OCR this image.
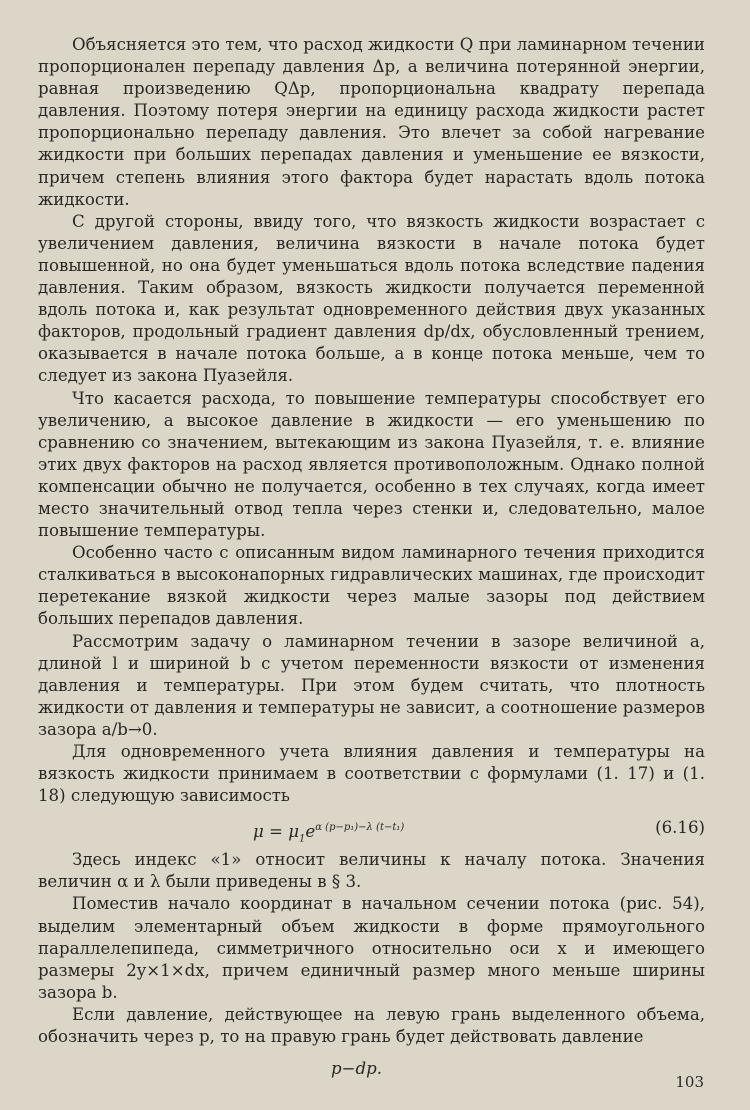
Объясняется это тем, что расход жидкости Q при ламинарном течении пропорционален перепаду давления Δp, а величина потерянной энергии, равная произведению QΔp, пропорциональна квадрату перепада давления. Поэтому потеря энергии на единицу расхода жидкости растет пропорционально перепаду давления. Это влечет за собой нагревание жидкости при больших перепадах давления и уменьшение ее вязкости, причем степень влияния этого фактора будет нарастать вдоль потока жидкости.

С другой стороны, ввиду того, что вязкость жидкости возрастает с увеличением давления, величина вязкости в начале потока будет повышенной, но она будет уменьшаться вдоль потока вследствие падения давления. Таким образом, вязкость жидкости получается переменной вдоль потока и, как результат одновременного действия двух указанных факторов, продольный градиент давления dp/dx, обусловленный трением, оказывается в начале потока больше, а в конце потока меньше, чем то следует из закона Пуазейля.

Что касается расхода, то повышение температуры способствует его увеличению, а высокое давление в жидкости — его уменьшению по сравнению со значением, вытекающим из закона Пуазейля, т. е. влияние этих двух факторов на расход является противоположным. Однако полной компенсации обычно не получается, особенно в тех случаях, когда имеет место значительный отвод тепла через стенки и, следовательно, малое повышение температуры.

Особенно часто с описанным видом ламинарного течения приходится сталкиваться в высоконапорных гидравлических машинах, где происходит перетекание вязкой жидкости через малые зазоры под действием больших перепадов давления.

Рассмотрим задачу о ламинарном течении в зазоре величиной a, длиной l и шириной b с учетом переменности вязкости от изменения давления и температуры. При этом будем считать, что плотность жидкости от давления и температуры не зависит, а соотношение размеров зазора a/b→0.

Для одновременного учета влияния давления и температуры на вязкость жидкости принимаем в соответствии с формулами (1. 17) и (1. 18) следующую зависимость

$\mu = \mu_1e^{\alpha (p-p_1)-\lambda (t-t_1)}$	(6.16)

Здесь индекс «1» относит величины к началу потока. Значения величин α и λ были приведены в § 3.

Поместив начало координат в начальном сечении потока (рис. 54), выделим элементарный объем жидкости в форме прямоугольного параллелепипеда, симметричного относительно оси x и имеющего размеры 2y×1×dx, причем единичный размер много меньше ширины зазора b.

Если давление, действующее на левую грань выделенного объема, обозначить через p, то на правую грань будет действовать давление

p−dp.
103
